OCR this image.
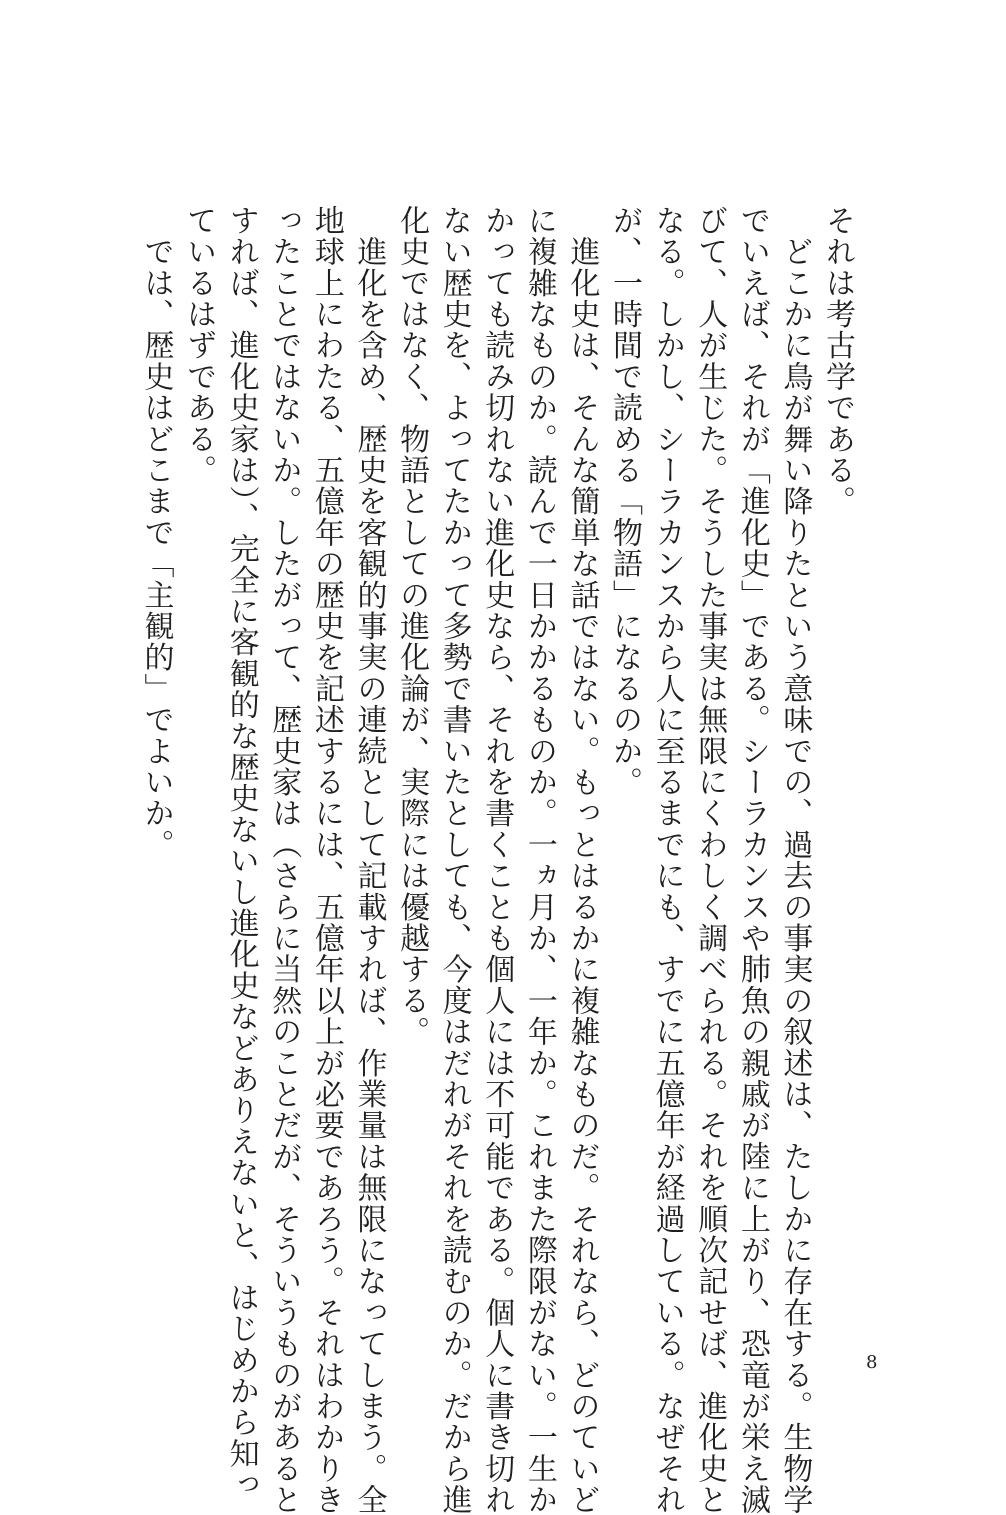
それは考古学である。
　どこかに鳥が舞い降りたという意味での、過去の事実の叙述は、たしかに存在する。生物学
でいえば、それが「進化史」である。シーラカンスや肺魚の親戚が陸に上がり、恐竜が栄え滅
びて、人が生じた。そうした事実は無限にくわしく調べられる。それを順次記せば、進化史と
なる。しかし、シーラカンスから人に至るまでにも、すでに五億年が経過している。なぜそれ
が、一時間で読める「物語」になるのか。
　進化史は、そんな簡単な話ではない。もっとはるかに複雑なものだ。それなら、どのていど
に複雑なものか。読んで一日かかるものか。一ヵ月か、一年か。これまた際限がない。一生か
かっても読み切れない進化史なら、それを書くことも個人には不可能である。個人に書き切れ
ない歴史を、よってたかって多勢で書いたとしても、今度はだれがそれを読むのか。だから進
化史ではなく、物語としての進化論が、実際には優越する。
　進化を含め、歴史を客観的事実の連続として記載すれば、作業量は無限になってしまう。全
地球上にわたる、五億年の歴史を記述するには、五億年以上が必要であろう。それはわかりき
ったことではないか。したがって、歴史家は（さらに当然のことだが、そういうものがあると
すれば、進化史家は）、完全に客観的な歴史ないし進化史などありえないと、はじめから知っ
ているはずである。
　では、歴史はどこまで「主観的」でよいか。
8
